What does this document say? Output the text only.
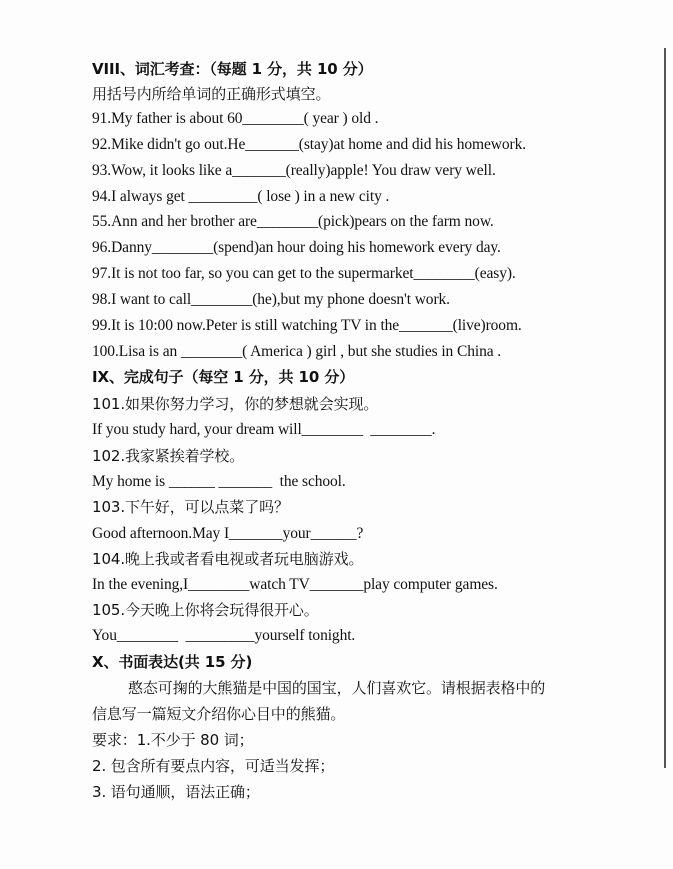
VIII、词汇考查：（每题 1 分，共 10 分）
用括号内所给单词的正确形式填空。
91.My father is about 60________( year ) old .
92.Mike didn't go out.He_______(stay)at home and did his homework.
93.Wow, it looks like a_______(really)apple! You draw very well.
94.I always get _________( lose ) in a new city .
55.Ann and her brother are________(pick)pears on the farm now.
96.Danny________(spend)an hour doing his homework every day.
97.It is not too far, so you can get to the supermarket________(easy).
98.I want to call________(he),but my phone doesn't work.
99.It is 10:00 now.Peter is still watching TV in the_______(live)room.
100.Lisa is an ________( America ) girl , but she studies in China .
IX、完成句子（每空 1 分，共 10 分）
101.如果你努力学习，你的梦想就会实现。
If you study hard, your dream will________  ________.
102.我家紧挨着学校。
My home is ______ _______  the school.
103.下午好，可以点菜了吗？
Good afternoon.May I_______your______?
104.晚上我或者看电视或者玩电脑游戏。
In the evening,I________watch TV_______play computer games.
105.今天晚上你将会玩得很开心。
You________  _________yourself tonight.
X、书面表达(共 15 分)
憨态可掬的大熊猫是中国的国宝，人们喜欢它。请根据表格中的
信息写一篇短文介绍你心目中的熊猫。
要求：1.不少于 80 词；
2. 包含所有要点内容，可适当发挥；
3. 语句通顺，语法正确；
